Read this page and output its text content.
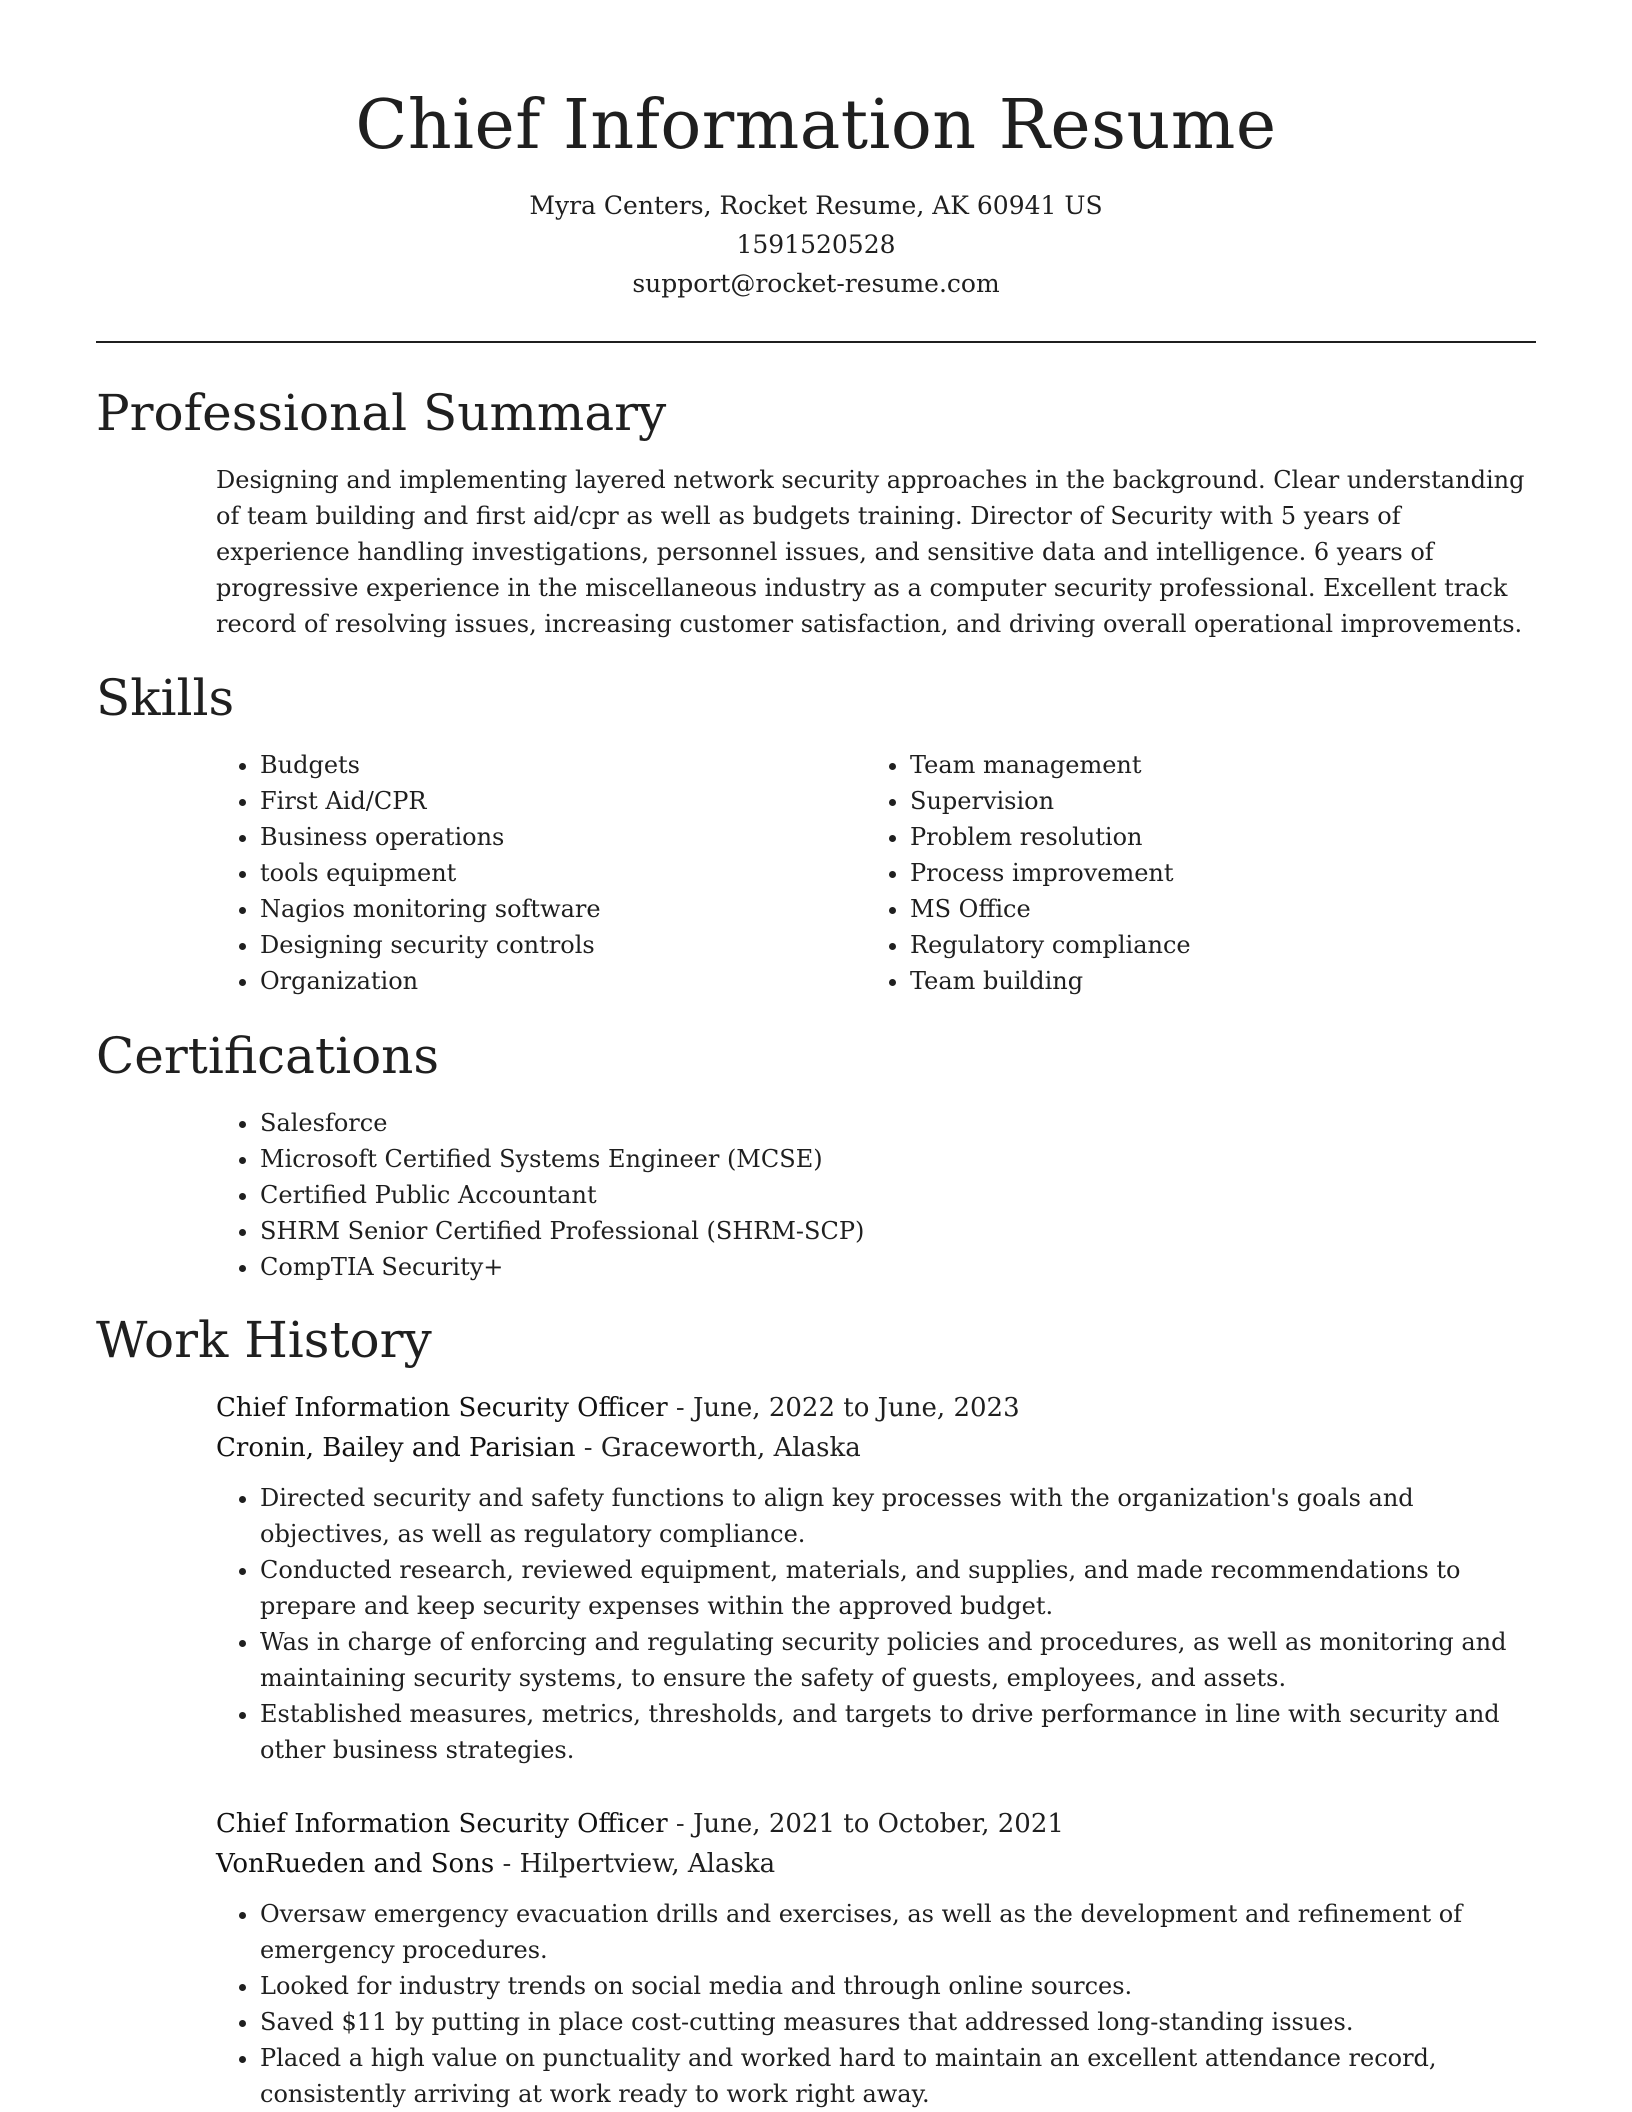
Chief Information Resume
Myra Centers, Rocket Resume, AK 60941 US
1591520528
support@rocket-resume.com
Professional Summary

Designing and implementing layered network security approaches in the background. Clear understanding of team building and first aid/cpr as well as budgets training. Director of Security with 5 years of experience handling investigations, personnel issues, and sensitive data and intelligence. 6 years of progressive experience in the miscellaneous industry as a computer security professional. Excellent track record of resolving issues, increasing customer satisfaction, and driving overall operational improvements.

Skills
• Budgets
• First Aid/CPR
• Business operations
• tools equipment
• Nagios monitoring software
• Designing security controls
• Organization
• Team management
• Supervision
• Problem resolution
• Process improvement
• MS Office
• Regulatory compliance
• Team building
Certifications
• Salesforce
• Microsoft Certified Systems Engineer (MCSE)
• Certified Public Accountant
• SHRM Senior Certified Professional (SHRM-SCP)
• CompTIA Security+
Work History
Chief Information Security Officer - June, 2022 to June, 2023
Cronin, Bailey and Parisian - Graceworth, Alaska
• Directed security and safety functions to align key processes with the organization's goals and objectives, as well as regulatory compliance.
• Conducted research, reviewed equipment, materials, and supplies, and made recommendations to prepare and keep security expenses within the approved budget.
• Was in charge of enforcing and regulating security policies and procedures, as well as monitoring and maintaining security systems, to ensure the safety of guests, employees, and assets.
• Established measures, metrics, thresholds, and targets to drive performance in line with security and other business strategies.
Chief Information Security Officer - June, 2021 to October, 2021
VonRueden and Sons - Hilpertview, Alaska
• Oversaw emergency evacuation drills and exercises, as well as the development and refinement of emergency procedures.
• Looked for industry trends on social media and through online sources.
• Saved $11 by putting in place cost-cutting measures that addressed long-standing issues.
• Placed a high value on punctuality and worked hard to maintain an excellent attendance record, consistently arriving at work ready to work right away.
